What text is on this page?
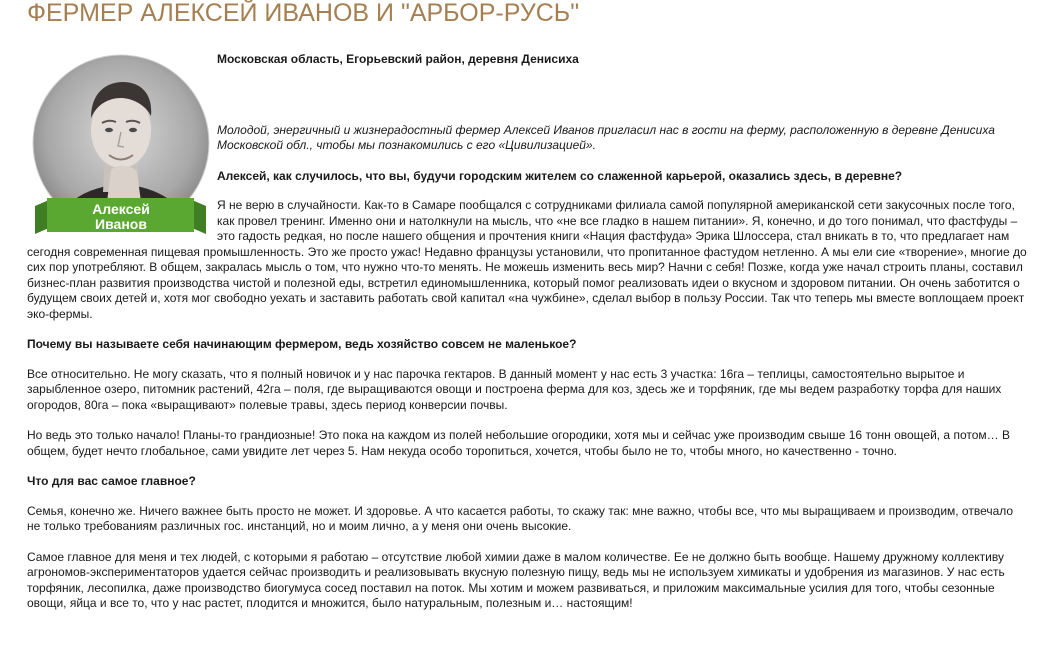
ФЕРМЕР АЛЕКСЕЙ ИВАНОВ И "АРБОР-РУСЬ"
Алексей
Иванов

Московская область, Егорьевский район, деревня Денисиха

Молодой, энергичный и жизнерадостный фермер Алексей Иванов пригласил нас в гости на ферму, расположенную в деревне Денисиха Московской обл., чтобы мы познакомились с его «Цивилизацией».

Алексей, как случилось, что вы, будучи городским жителем со слаженной карьерой, оказались здесь, в деревне?

Я не верю в случайности. Как-то в Самаре пообщался с сотрудниками филиала самой популярной американской сети закусочных после того, как провел тренинг. Именно они и натолкнули на мысль, что «не все гладко в нашем питании». Я, конечно, и до того понимал, что фастфуды – это гадость редкая, но после нашего общения и прочтения книги «Нация фастфуда» Эрика Шлоссера, стал вникать в то, что предлагает нам сегодня современная пищевая промышленность. Это же просто ужас! Недавно французы установили, что пропитанное фастудом нетленно. А мы ели сие «творение», многие до сих пор употребляют. В общем, закралась мысль о том, что нужно что-то менять. Не можешь изменить весь мир? Начни с себя! Позже, когда уже начал строить планы, составил бизнес-план развития производства чистой и полезной еды, встретил единомышленника, который помог реализовать идеи о вкусном и здоровом питании. Он очень заботится о будущем своих детей и, хотя мог свободно уехать и заставить работать свой капитал «на чужбине», сделал выбор в пользу России. Так что теперь мы вместе воплощаем проект эко-фермы.

Почему вы называете себя начинающим фермером, ведь хозяйство совсем не маленькое?

Все относительно. Не могу сказать, что я полный новичок и у нас парочка гектаров. В данный момент у нас есть 3 участка: 16га – теплицы, самостоятельно вырытое и зарыбленное озеро, питомник растений, 42га – поля, где выращиваются овощи и построена ферма для коз, здесь же и торфяник, где мы ведем разработку торфа для наших огородов, 80га – пока «выращивают» полевые травы, здесь период конверсии почвы.

Но ведь это только начало! Планы-то грандиозные! Это пока на каждом из полей небольшие огородики, хотя мы и сейчас уже производим свыше 16 тонн овощей, а потом… В общем, будет нечто глобальное, сами увидите лет через 5. Нам некуда особо торопиться, хочется, чтобы было не то, чтобы много, но качественно - точно.

Что для вас самое главное?

Семья, конечно же. Ничего важнее быть просто не может. И здоровье. А что касается работы, то скажу так: мне важно, чтобы все, что мы выращиваем и производим, отвечало не только требованиям различных гос. инстанций, но и моим лично, а у меня они очень высокие.

Самое главное для меня и тех людей, с которыми я работаю – отсутствие любой химии даже в малом количестве. Ее не должно быть вообще. Нашему дружному коллективу агрономов-экспериментаторов удается сейчас производить и реализовывать вкусную полезную пищу, ведь мы не используем химикаты и удобрения из магазинов. У нас есть торфяник, лесопилка, даже производство биогумуса сосед поставил на поток. Мы хотим и можем развиваться, и приложим максимальные усилия для того, чтобы сезонные овощи, яйца и все то, что у нас растет, плодится и множится, было натуральным, полезным и… настоящим!
